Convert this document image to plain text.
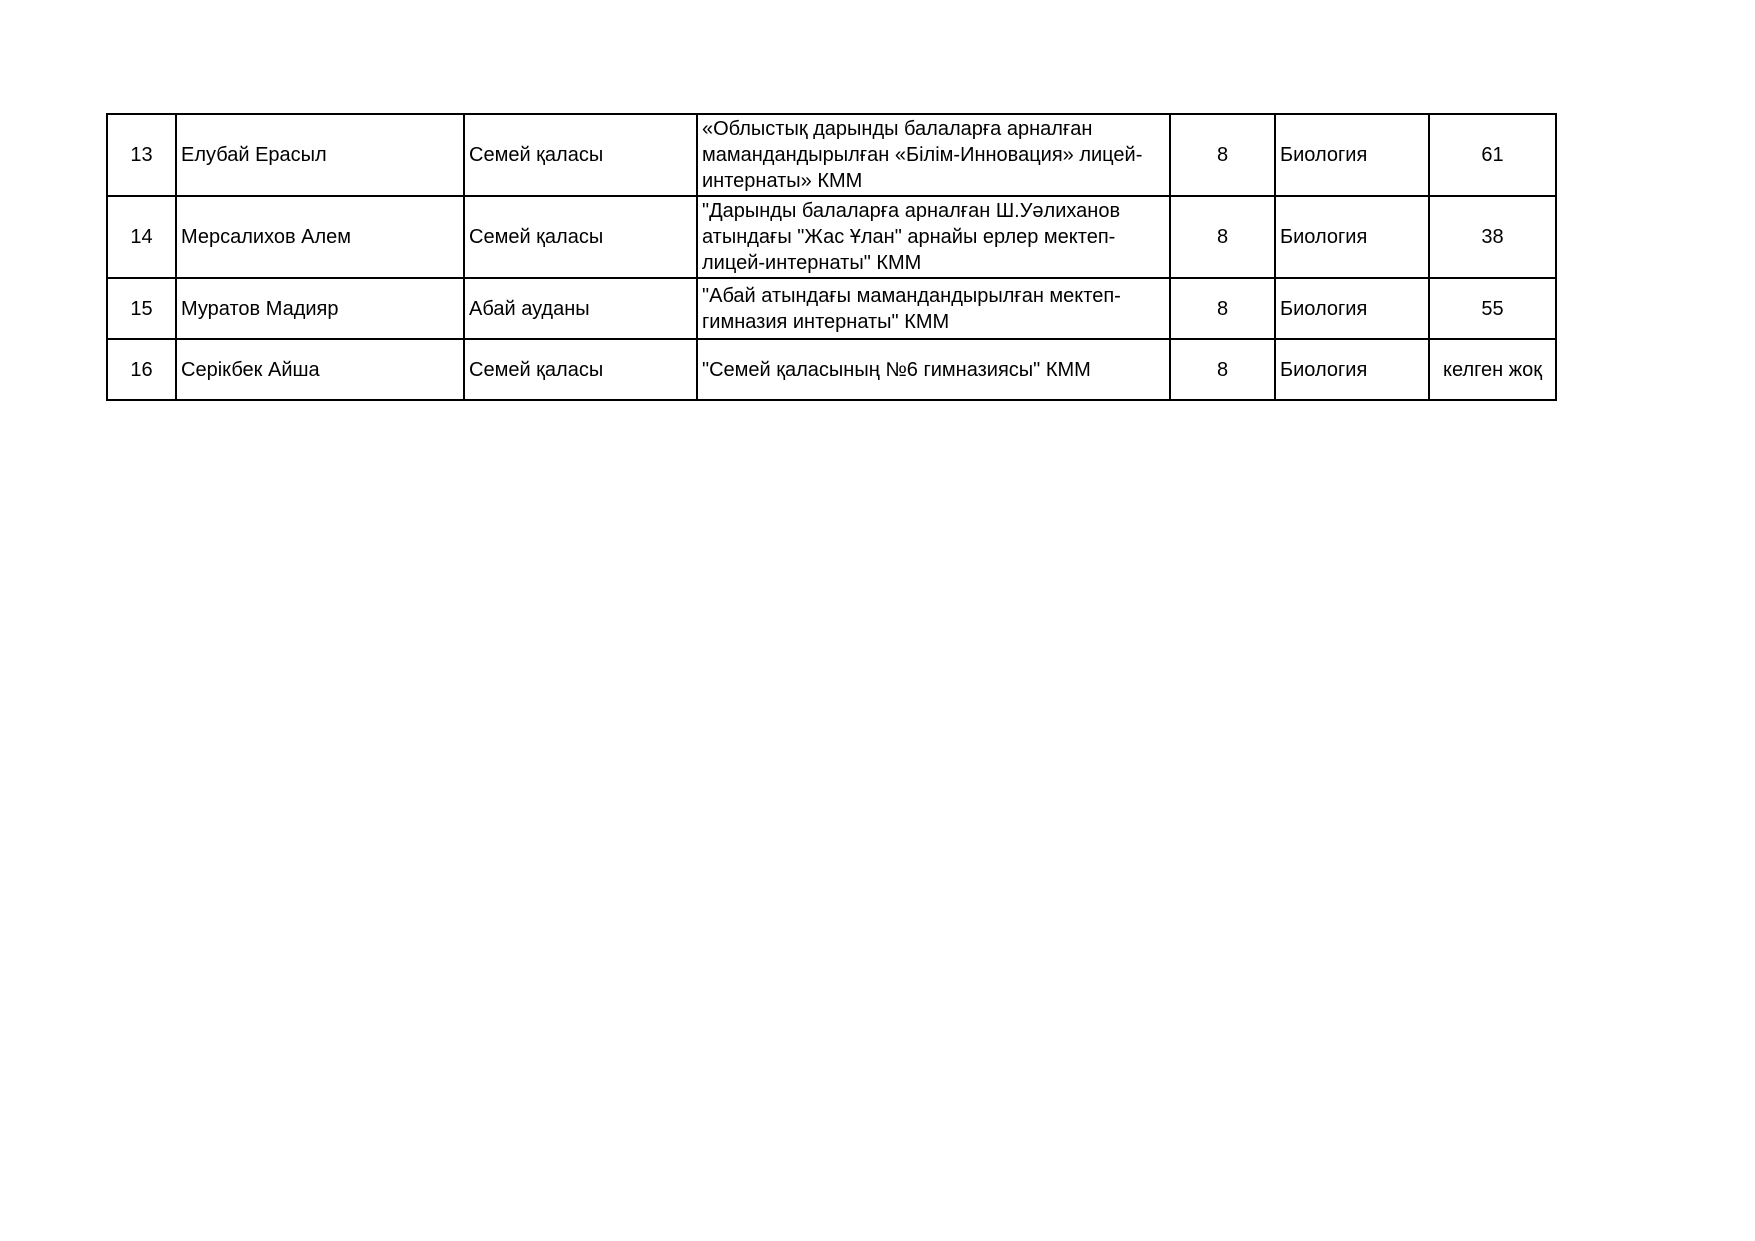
13	Елубай Ерасыл	Семей қаласы	«Облыстық дарынды балаларға арналған
мамандандырылған «Білім-Инновация» лицей-
интернаты» КММ	8	Биология	61
14	Мерсалихов Алем	Семей қаласы	"Дарынды балаларға арналған Ш.Уәлиханов
атындағы "Жас Ұлан" арнайы ерлер мектеп-
лицей-интернаты" КММ	8	Биология	38
15	Муратов Мадияр	Абай ауданы	"Абай атындағы мамандандырылған мектеп-
гимназия интернаты" КММ	8	Биология	55
16	Серікбек Айша	Семей қаласы	"Семей қаласының №6 гимназиясы" КММ	8	Биология	келген жоқ
